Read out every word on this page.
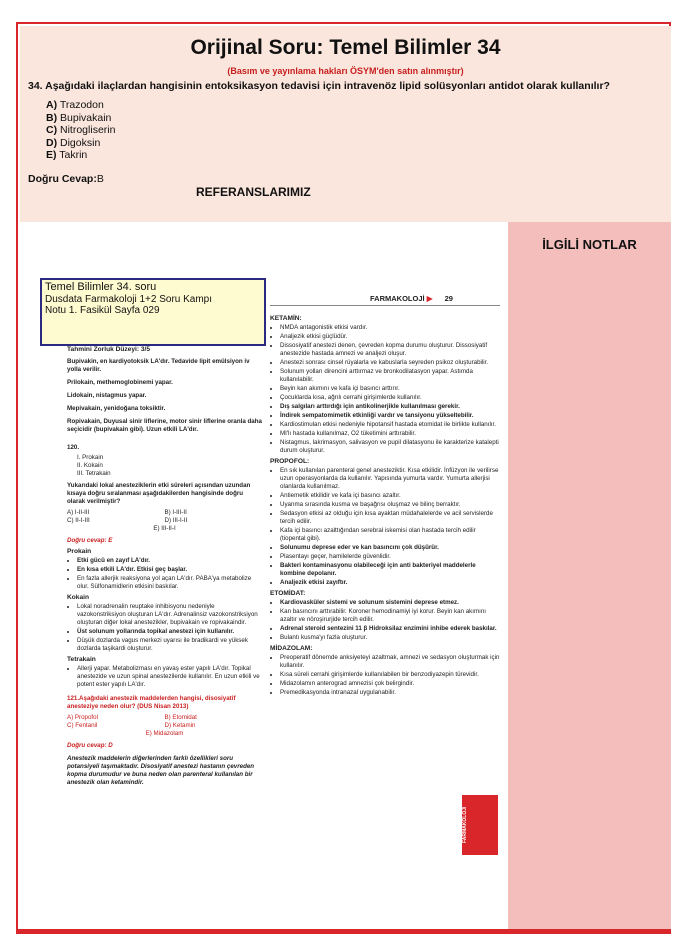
Orijinal Soru: Temel Bilimler 34
(Basım ve yayınlama hakları ÖSYM'den satın alınmıştır)
34. Aşağıdaki ilaçlardan hangisinin entoksikasyon tedavisi için intravenöz lipid solüsyonları antidot olarak kullanılır?
A) Trazodon
B) Bupivakain
C) Nitrogliserin
D) Digoksin
E) Takrin
Doğru Cevap:B
İLGİLİ NOTLAR
REFERANSLARIMIZ
FARMAKOLOJİ ▶ 29
Tahmini Zorluk Düzeyi: 3/5
Bupivakin, en kardiyotoksik LA'dır. Tedavide lipit emülsiyon iv yolla verilir.
Prilokain, methemoglobinemi yapar.
Lidokain, nistagmus yapar.
Mepivakain, yenidoğana toksiktir.
Ropivakain, Duyusal sinir liflerine, motor sinir liflerine oranla daha seçicidir (bupivakain gibi). Uzun etkili LA'dır.
120.
I. Prokain
II. Kokain
III. Tetrakain
Yukarıdaki lokal anesteziklerin etki süreleri açısından uzundan kısaya doğru sıralanması aşağıdakilerden hangisinde doğru olarak verilmiştir?
A) I-II-III	B) I-III-II
C) II-I-III	D) III-I-II
E) III-II-I
Doğru cevap: E
Prokain
• Etki gücü en zayıf LA'dır.
• En kısa etkili LA'dır. Etkisi geç başlar.
• En fazla allerjik reaksiyona yol açan LA'dır. PABA'ya metabolize olur. Sülfonamidlerin etkisini baskılar.
Kokain
• Lokal noradrenalin reuptake inhibisyonu nedeniyle vazokonstriksiyon oluşturan LA'dır. Adrenalinsiz vazokonstriksiyon oluşturan diğer lokal anestezikler, bupivakain ve ropivakaindir.
• Üst solunum yollarında topikal anestezi için kullanılır.
• Düşük dozlarda vagus merkezi uyarısı ile bradikardi ve yüksek dozlarda taşikardi oluşturur.
Tetrakain
• Allerji yapar. Metabolizması en yavaş ester yapılı LA'dır. Topikal anestezide ve uzun spinal anestezilerde kullanılır. En uzun etkili ve potent ester yapılı LA'dır.
121.Aşağıdaki anestezik maddelerden hangisi, disosiyatif anesteziye neden olur? (DUS Nisan 2013)
A) Propofol	B) Etomidat
C) Fentanil	D) Ketamin
E) Midazolam
Doğru cevap: D
Anestezik maddelerin diğerlerinden farklı özellikleri soru potansiyeli taşımaktadır. Disosiyatif anestezi hastanın çevreden kopma durumudur ve buna neden olan parenteral kullanılan bir anestezik olan ketamindir.
KETAMİN:
• NMDA antagonistik etkisi vardır.
• Analjezik etkisi güçlüdür.
• Dissosiyatif anestezi denen, çevreden kopma durumu oluşturur. Dissosiyatif anestezide hastada amnezi ve analjezi oluşur.
• Anestezi sonrası cinsel rüyalarla ve kabuslarla seyreden psikoz oluşturabilir.
• Solunum yolları direncini arttırmaz ve bronkodilatasyon yapar. Astımda kullanılabilir.
• Beyin kan akımını ve kafa içi basıncı arttırır.
• Çocuklarda kısa, ağrılı cerrahi girişimlerde kullanılır.
• Dış salgıları arttırdığı için antikolinerjikle kullanılması gerekir.
• İndirek sempatomimetik etkinliği vardır ve tansiyonu yükseltebilir.
• Kardiostimulan etkisi nedeniyle hipotansif hastada etomidat ile birlikte kullanılır.
• MI'lı hastada kullanılmaz, O2 tüketimini arttırabilir.
• Nistagmus, lakrimasyon, salivasyon ve pupil dilatasyonu ile karakterize katalepti durum oluşturur.
PROPOFOL:
• En sık kullanılan parenteral genel anesteziktir. Kısa etkilidir. İnfüzyon ile verilirse uzun operasyonlarda da kullanılır. Yapısında yumurta vardır. Yumurta allerjisi olanlarda kullanılmaz.
• Antiemetik etkilidir ve kafa içi basıncı azaltır.
• Uyanma sırasında kusma ve başağrısı oluşmaz ve bilinç berraktır.
• Sedasyon etkisi az olduğu için kısa ayaktan müdahalelerde ve acil servislerde tercih edilir.
• Kafa içi basıncı azalttığından serebral iskemisi olan hastada tercih edilir (tiopental gibi).
• Solunumu deprese eder ve kan basıncını çok düşürür.
• Plasentayı geçer, hamilelerde güvenlidir.
• Bakteri kontaminasyonu olabileceği için anti bakteriyel maddelerle kombine depolanır.
• Analjezik etkisi zayıftır.
ETOMİDAT:
• Kardiovasküler sistemi ve solunum sistemini deprese etmez.
• Kan basıncını arttırabilir. Koroner hemodinamiyi iyi korur. Beyin kan akımını azaltır ve nöroşirurjide tercih edilir.
• Adrenal steroid sentezini 11 β Hidroksilaz enzimini inhibe ederek baskılar.
• Bulantı kusma'yı fazla oluşturur.
MİDAZOLAM:
• Preoperatif dönemde anksiyeteyi azaltmak, amnezi ve sedasyon oluşturmak için kullanılır.
• Kısa süreli cerrahi girişimlerde kullanılabilen bir benzodiyazepin türevidir.
• Midazolamın anterograd amnezisi çok belirgindir.
• Premedikasyonda intranazal uygulanabilir.
FARMAKOLOJİ
Temel Bilimler 34. soru
Dusdata Farmakoloji 1+2 Soru Kampı
Notu 1. Fasikül Sayfa 029
